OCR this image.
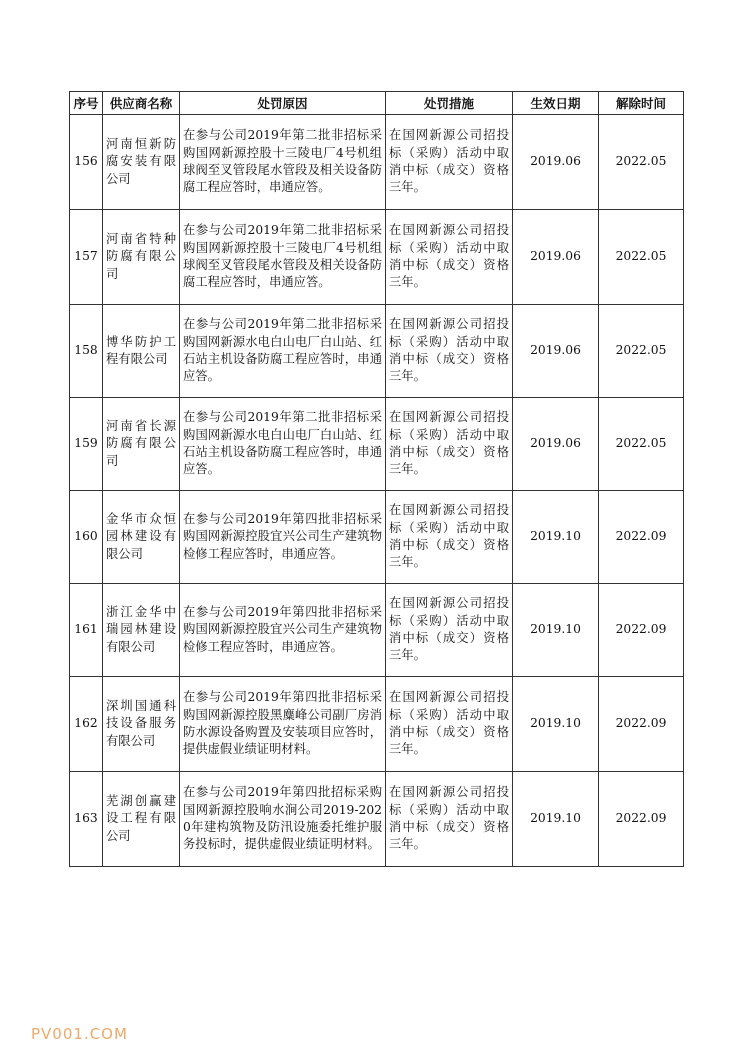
序号	供应商名称	处罚原因	处罚措施	生效日期	解除时间
156	河南恒新防腐安装有限公司	在参与公司2019年第二批非招标采购国网新源控股十三陵电厂4号机组球阀至叉管段尾水管段及相关设备防腐工程应答时，串通应答。	在国网新源公司招投标（采购）活动中取消中标（成交）资格三年。	2019.06	2022.05
157	河南省特种防腐有限公司	在参与公司2019年第二批非招标采购国网新源控股十三陵电厂4号机组球阀至叉管段尾水管段及相关设备防腐工程应答时，串通应答。	在国网新源公司招投标（采购）活动中取消中标（成交）资格三年。	2019.06	2022.05
158	博华防护工程有限公司	在参与公司2019年第二批非招标采购国网新源水电白山电厂白山站、红石站主机设备防腐工程应答时，串通应答。	在国网新源公司招投标（采购）活动中取消中标（成交）资格三年。	2019.06	2022.05
159	河南省长源防腐有限公司	在参与公司2019年第二批非招标采购国网新源水电白山电厂白山站、红石站主机设备防腐工程应答时，串通应答。	在国网新源公司招投标（采购）活动中取消中标（成交）资格三年。	2019.06	2022.05
160	金华市众恒园林建设有限公司	在参与公司2019年第四批非招标采购国网新源控股宜兴公司生产建筑物检修工程应答时，串通应答。	在国网新源公司招投标（采购）活动中取消中标（成交）资格三年。	2019.10	2022.09
161	浙江金华中瑞园林建设有限公司	在参与公司2019年第四批非招标采购国网新源控股宜兴公司生产建筑物检修工程应答时，串通应答。	在国网新源公司招投标（采购）活动中取消中标（成交）资格三年。	2019.10	2022.09
162	深圳国通科技设备服务有限公司	在参与公司2019年第四批非招标采购国网新源控股黑麋峰公司副厂房消防水源设备购置及安装项目应答时，提供虚假业绩证明材料。	在国网新源公司招投标（采购）活动中取消中标（成交）资格三年。	2019.10	2022.09
163	芜湖创赢建设工程有限公司	在参与公司2019年第四批招标采购国网新源控股响水涧公司2019-2020年建构筑物及防汛设施委托维护服务投标时，提供虚假业绩证明材料。	在国网新源公司招投标（采购）活动中取消中标（成交）资格三年。	2019.10	2022.09
PV001.COM
